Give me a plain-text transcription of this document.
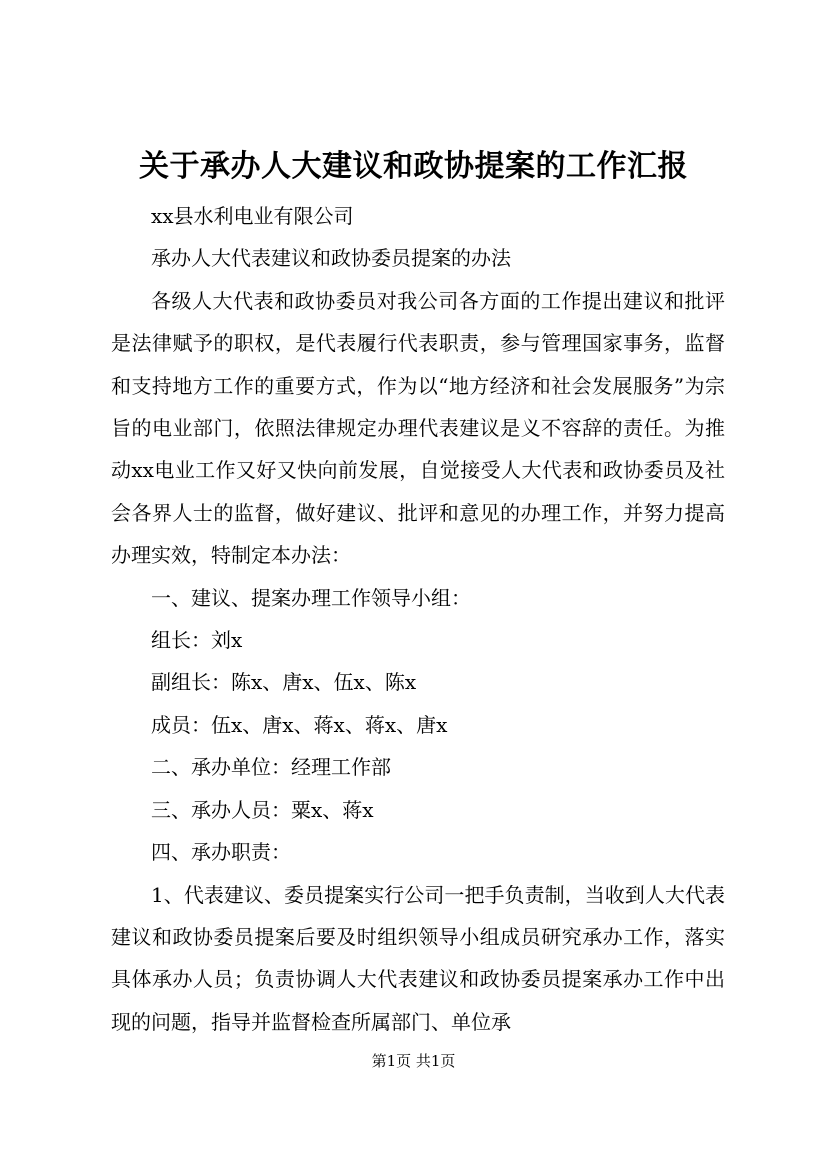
关于承办人大建议和政协提案的工作汇报

xx县水利电业有限公司

承办人大代表建议和政协委员提案的办法

各级人大代表和政协委员对我公司各方面的工作提出建议和批评是法律赋予的职权，是代表履行代表职责，参与管理国家事务，监督和支持地方工作的重要方式，作为以“地方经济和社会发展服务”为宗旨的电业部门，依照法律规定办理代表建议是义不容辞的责任。为推动xx电业工作又好又快向前发展，自觉接受人大代表和政协委员及社会各界人士的监督，做好建议、批评和意见的办理工作，并努力提高办理实效，特制定本办法：

一、建议、提案办理工作领导小组：

组长：刘x

副组长：陈x、唐x、伍x、陈x

成员：伍x、唐x、蒋x、蒋x、唐x

二、承办单位：经理工作部

三、承办人员：粟x、蒋x

四、承办职责：

1、代表建议、委员提案实行公司一把手负责制，当收到人大代表建议和政协委员提案后要及时组织领导小组成员研究承办工作，落实具体承办人员；负责协调人大代表建议和政协委员提案承办工作中出现的问题，指导并监督检查所属部门、单位承

第1页 共1页
